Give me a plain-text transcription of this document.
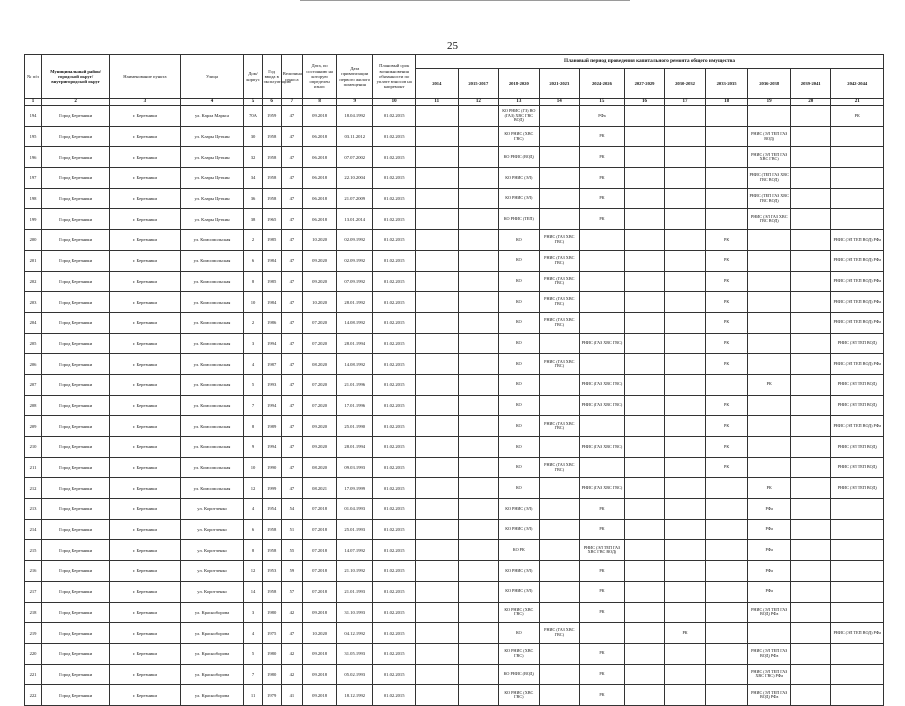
25
№ п/п	Муниципальный район/ городской округ/ внутригородской округ	Наименование пункта	Улица	Дом/ корпус	Год ввода в эксплуатацию	Величина износа	Дата, по состоянию на которую определен износ	Дата приватизации первого жилого помещения	Плановый срок возникновения обязанности по уплате взносов на капремонт	Плановый период проведения капитального ремонта общего имущества										
										2014	2015-2017	2018-2020	2021-2023	2024-2026	2027-2029	2030-2032	2033-2035	2036-2038	2039-2041	2042-2044
1	2	3	4	5	6	7	8	9	10	11	12	13	14	15	16	17	18	19	20	21
194	Город Березники	г. Березники	ул. Карла Маркса	70А	1959	47	09.2018	18.04.1992	01.02.2015			КО РНИС (ГЗ) ВО (ГАЗ) ХВС ГВС ВОД)		РФа						РК

195	Город Березники	г. Березники	ул. Клары Цеткин	30	1958	47	06.2018	03.11.2012	01.02.2015			КО РНИС (ХВС ГВС)		РК				РНИС (ЭЛ ТЕП ГАЗ ВОД)		

196	Город Березники	г. Березники	ул. Клары Цеткин	32	1958	47	06.2018	07.07.2002	01.02.2015			КО РНИС (ВОД)		РК				РНИС (ЭЛ ТЕП ГАЗ ХВС ГВС)		

197	Город Березники	г. Березники	ул. Клары Цеткин	34	1958	47	06.2018	22.10.2004	01.02.2015			КО РНИС (ЭЛ)		РК				РНИС (ТЕП ГАЗ ХВС ГВС ВОД)		

198	Город Березники	г. Березники	ул. Клары Цеткин	36	1958	47	06.2018	21.07.2009	01.02.2015			КО РНИС (ЭЛ)		РК				РНИС (ТЕП ГАЗ ХВС ГВС ВОД)		

199	Город Березники	г. Березники	ул. Клары Цеткин	38	1965	47	06.2018	13.01.2014	01.02.2015			КО РНИС (ТЕП)		РК				РНИС (ЭЛ ГАЗ ХВС ГВС ВОД)		

200	Город Березники	г. Березники	ул. Комсомольская	2	1985	47	10.2020	02.09.1992	01.02.2015			КО	РНИС (ГАЗ ХВС ГВС)				РК			РНИС (ЭЛ ТЕП ВОД) РФа

201	Город Березники	г. Березники	ул. Комсомольская	6	1984	47	09.2020	02.09.1992	01.02.2015			КО	РНИС (ГАЗ ХВС ГВС)				РК			РНИС (ЭЛ ТЕП ВОД) РФа

202	Город Березники	г. Березники	ул. Комсомольская	8	1985	47	09.2020	07.09.1992	01.02.2015			КО	РНИС (ГАЗ ХВС ГВС)				РК			РНИС (ЭЛ ТЕП ВОД) РФа

203	Город Березники	г. Березники	ул. Комсомольская	10	1984	47	10.2020	28.01.1992	01.02.2015			КО	РНИС (ГАЗ ХВС ГВС)				РК			РНИС (ЭЛ ТЕП ВОД) РФа

204	Город Березники	г. Березники	ул. Комсомольская	2	1986	47	07.2020	14.08.1992	01.02.2015			КО	РНИС (ГАЗ ХВС ГВС)				РК			РНИС (ЭЛ ТЕП ВОД) РФа

205	Город Березники	г. Березники	ул. Комсомольская	3	1994	47	07.2020	28.01.1994	01.02.2015			КО		РНИС (ГАЗ ХВС ГВС)			РК			РНИС (ЭЛ ТЕП ВОД)

206	Город Березники	г. Березники	ул. Комсомольская	4	1987	47	08.2020	14.08.1992	01.02.2015			КО	РНИС (ГАЗ ХВС ГВС)				РК			РНИС (ЭЛ ТЕП ВОД) РФа

207	Город Березники	г. Березники	ул. Комсомольская	5	1993	47	07.2020	21.01.1996	01.02.2015			КО		РНИС (ГАЗ ХВС ГВС)				РК		РНИС (ЭЛ ТЕП ВОД)

208	Город Березники	г. Березники	ул. Комсомольская	7	1994	47	07.2020	17.01.1996	01.02.2015			КО		РНИС (ГАЗ ХВС ГВС)			РК			РНИС (ЭЛ ТЕП ВОД)

209	Город Березники	г. Березники	ул. Комсомольская	8	1989	47	09.2020	25.01.1990	01.02.2015			КО	РНИС (ГАЗ ХВС ГВС)				РК			РНИС (ЭЛ ТЕП ВОД) РФа

210	Город Березники	г. Березники	ул. Комсомольская	9	1994	47	09.2020	28.01.1994	01.02.2015			КО		РНИС (ГАЗ ХВС ГВС)			РК			РНИС (ЭЛ ТЕП ВОД)

211	Город Березники	г. Березники	ул. Комсомольская	10	1990	47	08.2020	09.03.1993	01.02.2015			КО	РНИС (ГАЗ ХВС ГВС)				РК			РНИС (ЭЛ ТЕП ВОД)

212	Город Березники	г. Березники	ул. Комсомольская	12	1999	47	08.2021	17.09.1999	01.02.2015			КО		РНИС (ГАЗ ХВС ГВС)				РК		РНИС (ЭЛ ТЕП ВОД)

213	Город Березники	г. Березники	ул. Коротченко	4	1954	54	07.2018	01.04.1993	01.02.2015			КО РНИС (ЭЛ)		РК				РФа		

214	Город Березники	г. Березники	ул. Коротченко	6	1958	51	07.2018	25.01.1993	01.02.2015			КО РНИС (ЭЛ)		РК				РФа		

215	Город Березники	г. Березники	ул. Коротченко	8	1958	55	07.2018	14.07.1992	01.02.2015			КО РК		РНИС (ЭЛ ТЕП ГАЗ ХВС ГВС ВОД)				РФа		

216	Город Березники	г. Березники	ул. Коротченко	12	1953	59	07.2018	21.10.1992	01.02.2015			КО РНИС (ЭЛ)		РК				РФа		

217	Город Березники	г. Березники	ул. Коротченко	14	1958	57	07.2018	21.01.1993	01.02.2015			КО РНИС (ЭЛ)		РК				РФа		

218	Город Березники	г. Березники	ул. Красноборова	3	1980	42	09.2018	31.10.1993	01.02.2015			КО РНИС (ХВС ГВС)		РК				РНИС (ЭЛ ТЕП ГАЗ ВОД) РФа		

219	Город Березники	г. Березники	ул. Красноборова	4	1975	47	10.2020	04.12.1992	01.02.2015			КО	РНИС (ГАЗ ХВС ГВС)			РК				РНИС (ЭЛ ТЕП ВОД) РФа

220	Город Березники	г. Березники	ул. Красноборова	5	1980	42	09.2018	31.05.1993	01.02.2015			КО РНИС (ХВС ГВС)		РК				РНИС (ЭЛ ТЕП ГАЗ ВОД) РФа		

221	Город Березники	г. Березники	ул. Красноборова	7	1980	42	09.2018	05.02.1993	01.02.2015			КО РНИС (ВОД)		РК				РНИС (ЭЛ ТЕП ГАЗ ХВС ГВС) РФа		

222	Город Березники	г. Березники	ул. Красноборова	11	1979	41	09.2018	18.12.1992	01.02.2015			КО РНИС (ХВС ГВС)		РК				РНИС (ЭЛ ТЕП ГАЗ ВОД) РФа		
